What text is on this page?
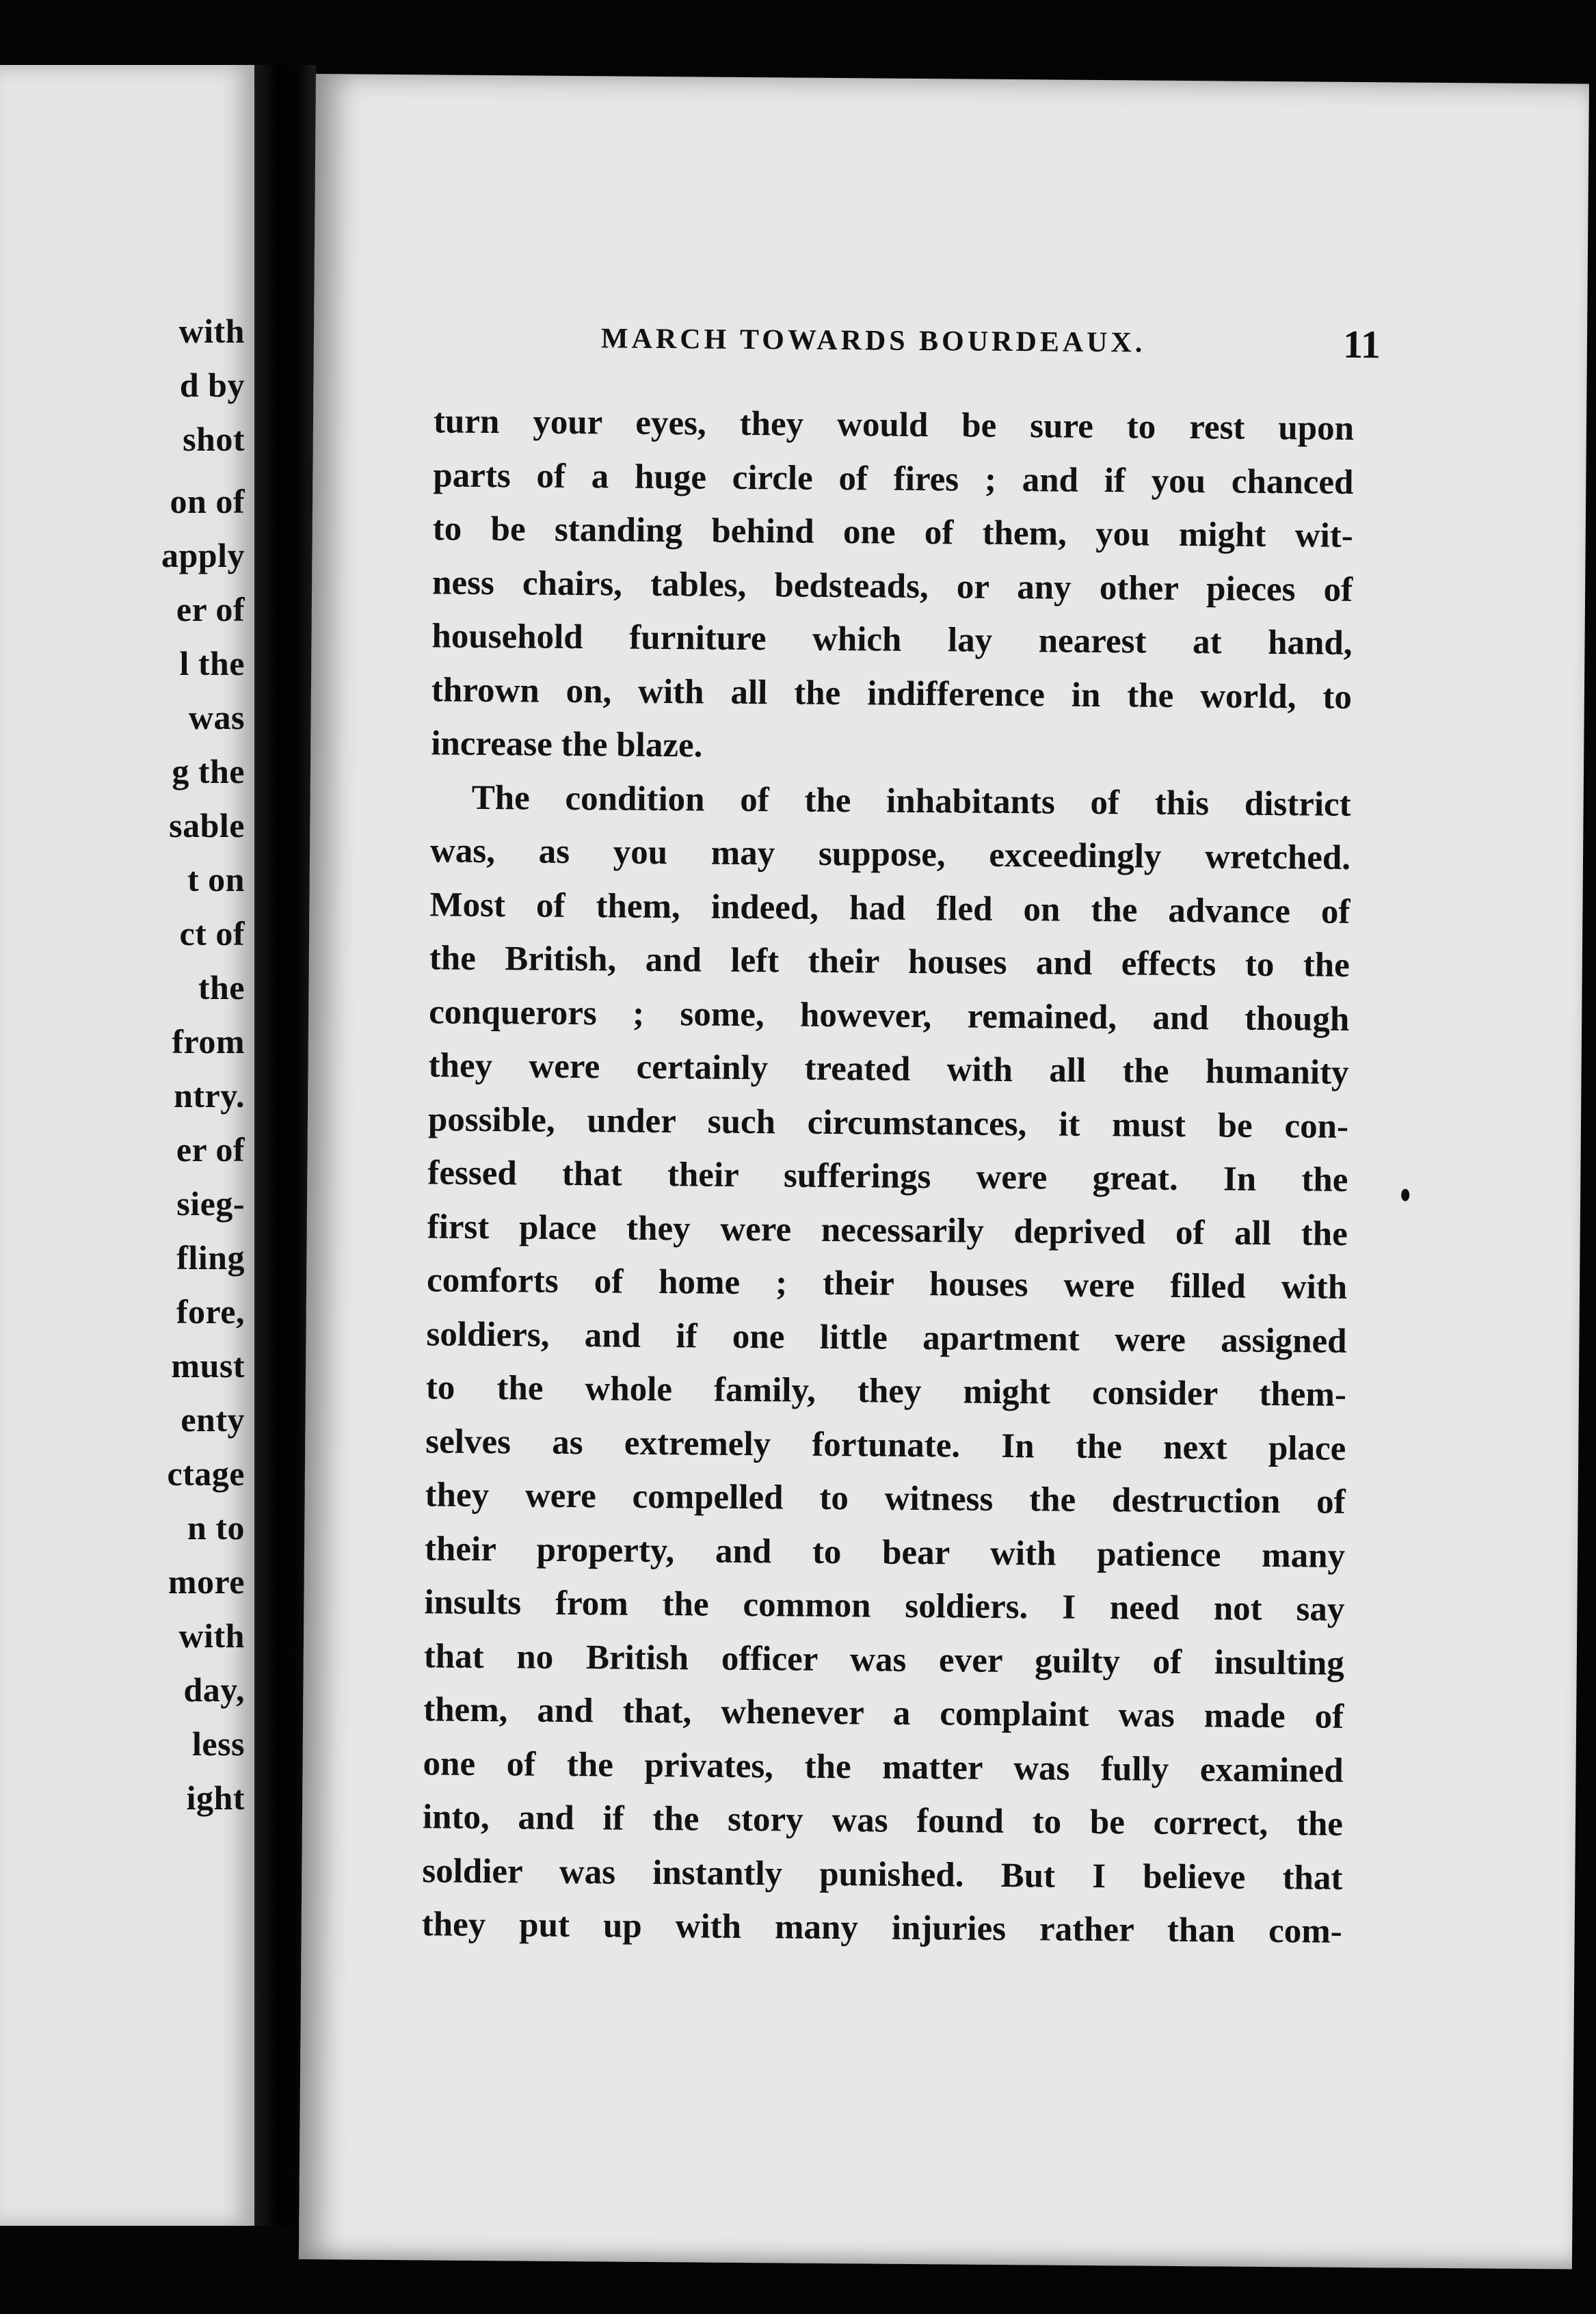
with
d by
shot
on of
apply
er of
l the
was
g the
sable
t on
ct of
the
from
ntry.
er of
sieg-
fling
fore,
must
enty
ctage
n to
more
with
day,
less
ight
MARCH TOWARDS BOURDEAUX.	11
turn your eyes, they would be sure to rest upon
parts of a huge circle of fires ; and if you chanced
to be standing behind one of them, you might wit-
ness chairs, tables, bedsteads, or any other pieces of
household furniture which lay nearest at hand,
thrown on, with all the indifference in the world, to
increase the blaze.
The condition of the inhabitants of this district
was, as you may suppose, exceedingly wretched.
Most of them, indeed, had fled on the advance of
the British, and left their houses and effects to the
conquerors ; some, however, remained, and though
they were certainly treated with all the humanity
possible, under such circumstances, it must be con-
fessed that their sufferings were great. In the
first place they were necessarily deprived of all the
comforts of home ; their houses were filled with
soldiers, and if one little apartment were assigned
to the whole family, they might consider them-
selves as extremely fortunate. In the next place
they were compelled to witness the destruction of
their property, and to bear with patience many
insults from the common soldiers. I need not say
that no British officer was ever guilty of insulting
them, and that, whenever a complaint was made of
one of the privates, the matter was fully examined
into, and if the story was found to be correct, the
soldier was instantly punished. But I believe that
they put up with many injuries rather than com-
